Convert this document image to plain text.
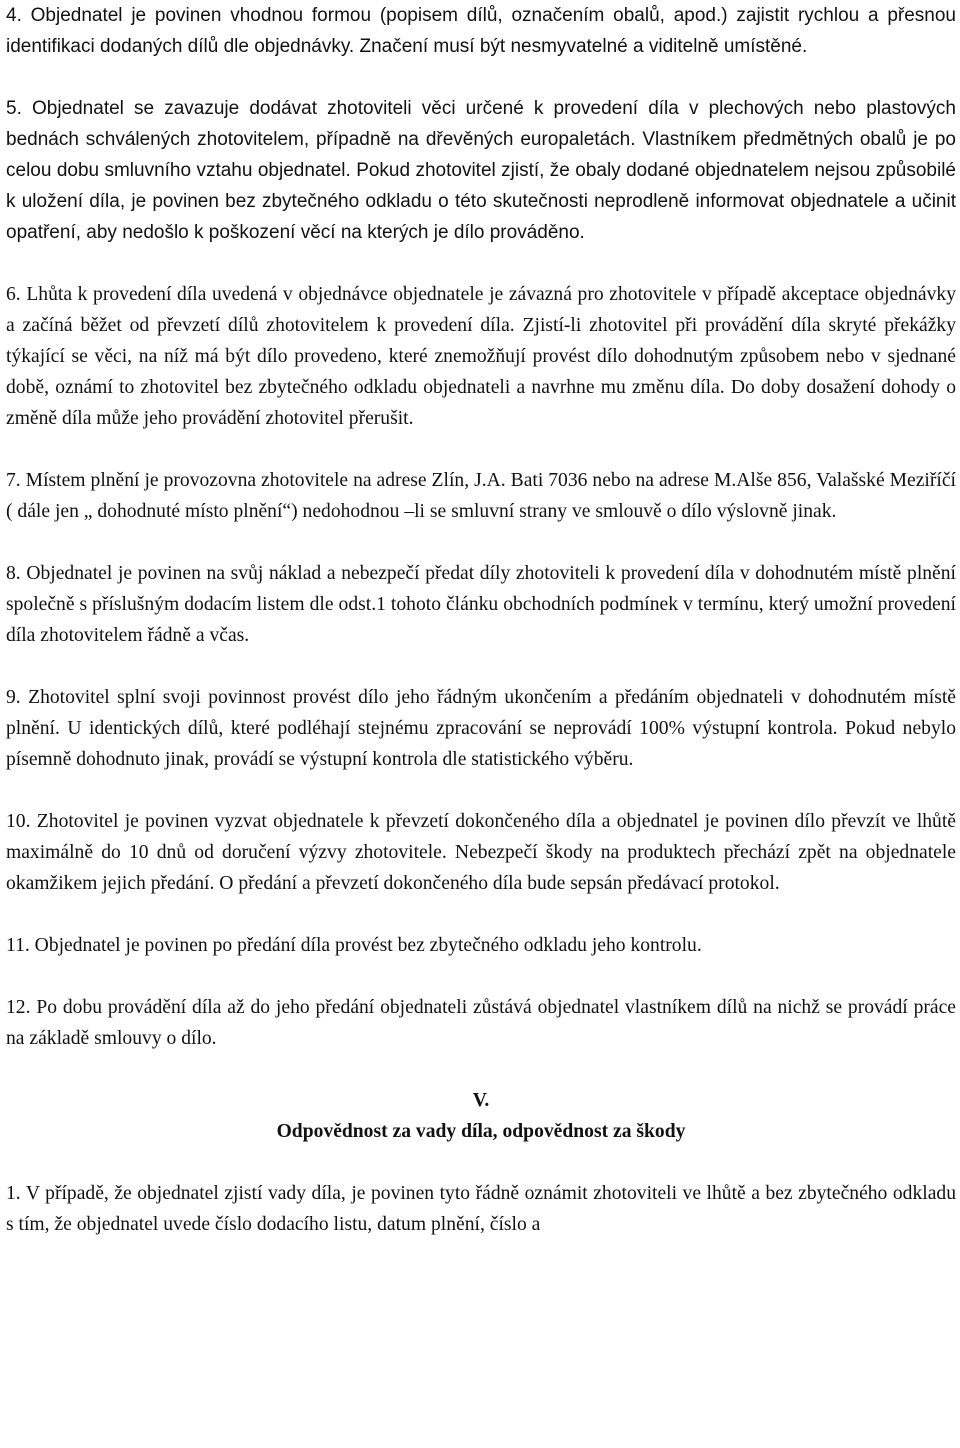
4. Objednatel je povinen vhodnou formou (popisem dílů, označením obalů, apod.) zajistit rychlou a přesnou identifikaci dodaných dílů dle objednávky. Značení musí být nesmyvatelné a viditelně umístěné.

5. Objednatel se zavazuje dodávat zhotoviteli věci určené k provedení díla v plechových nebo plastových bednách schválených zhotovitelem, případně na dřevěných europaletách. Vlastníkem předmětných obalů je po celou dobu smluvního vztahu objednatel. Pokud zhotovitel zjistí, že obaly dodané objednatelem nejsou způsobilé k uložení díla, je povinen bez zbytečného odkladu o této skutečnosti neprodleně informovat objednatele a učinit opatření, aby nedošlo k poškození věcí na kterých je dílo prováděno.

6. Lhůta k provedení díla uvedená v objednávce objednatele je závazná pro zhotovitele v případě akceptace objednávky a začíná běžet od převzetí dílů zhotovitelem k provedení díla. Zjistí-li zhotovitel při provádění díla skryté překážky týkající se věci, na níž má být dílo provedeno, které znemožňují provést dílo dohodnutým způsobem nebo v sjednané době, oznámí to zhotovitel bez zbytečného odkladu objednateli a navrhne mu změnu díla. Do doby dosažení dohody o změně díla může jeho provádění zhotovitel přerušit.

7. Místem plnění je provozovna zhotovitele na adrese Zlín, J.A. Bati 7036 nebo na adrese M.Alše 856, Valašské Meziříčí ( dále jen „ dohodnuté místo plnění“) nedohodnou –li se smluvní strany ve smlouvě o dílo výslovně jinak.

8. Objednatel je povinen na svůj náklad a nebezpečí předat díly zhotoviteli k provedení díla v dohodnutém místě plnění společně s příslušným dodacím listem dle odst.1 tohoto článku obchodních podmínek v termínu, který umožní provedení díla zhotovitelem řádně a včas.

9. Zhotovitel splní svoji povinnost provést dílo jeho řádným ukončením a předáním objednateli v dohodnutém místě plnění. U identických dílů, které podléhají stejnému zpracování se neprovádí 100% výstupní kontrola. Pokud nebylo písemně dohodnuto jinak, provádí se výstupní kontrola dle statistického výběru.

10. Zhotovitel je povinen vyzvat objednatele k převzetí dokončeného díla a objednatel je povinen dílo převzít ve lhůtě maximálně do 10 dnů od doručení výzvy zhotovitele. Nebezpečí škody na produktech přechází zpět na objednatele okamžikem jejich předání. O předání a převzetí dokončeného díla bude sepsán předávací protokol.

11. Objednatel je povinen po předání díla provést bez zbytečného odkladu jeho kontrolu.

12. Po dobu provádění díla až do jeho předání objednateli zůstává objednatel vlastníkem dílů na nichž se provádí práce na základě smlouvy o dílo.

V.
Odpovědnost za vady díla, odpovědnost za škody

1. V případě, že objednatel zjistí vady díla, je povinen tyto řádně oznámit zhotoviteli ve lhůtě a bez zbytečného odkladu s tím, že objednatel uvede číslo dodacího listu, datum plnění, číslo a
